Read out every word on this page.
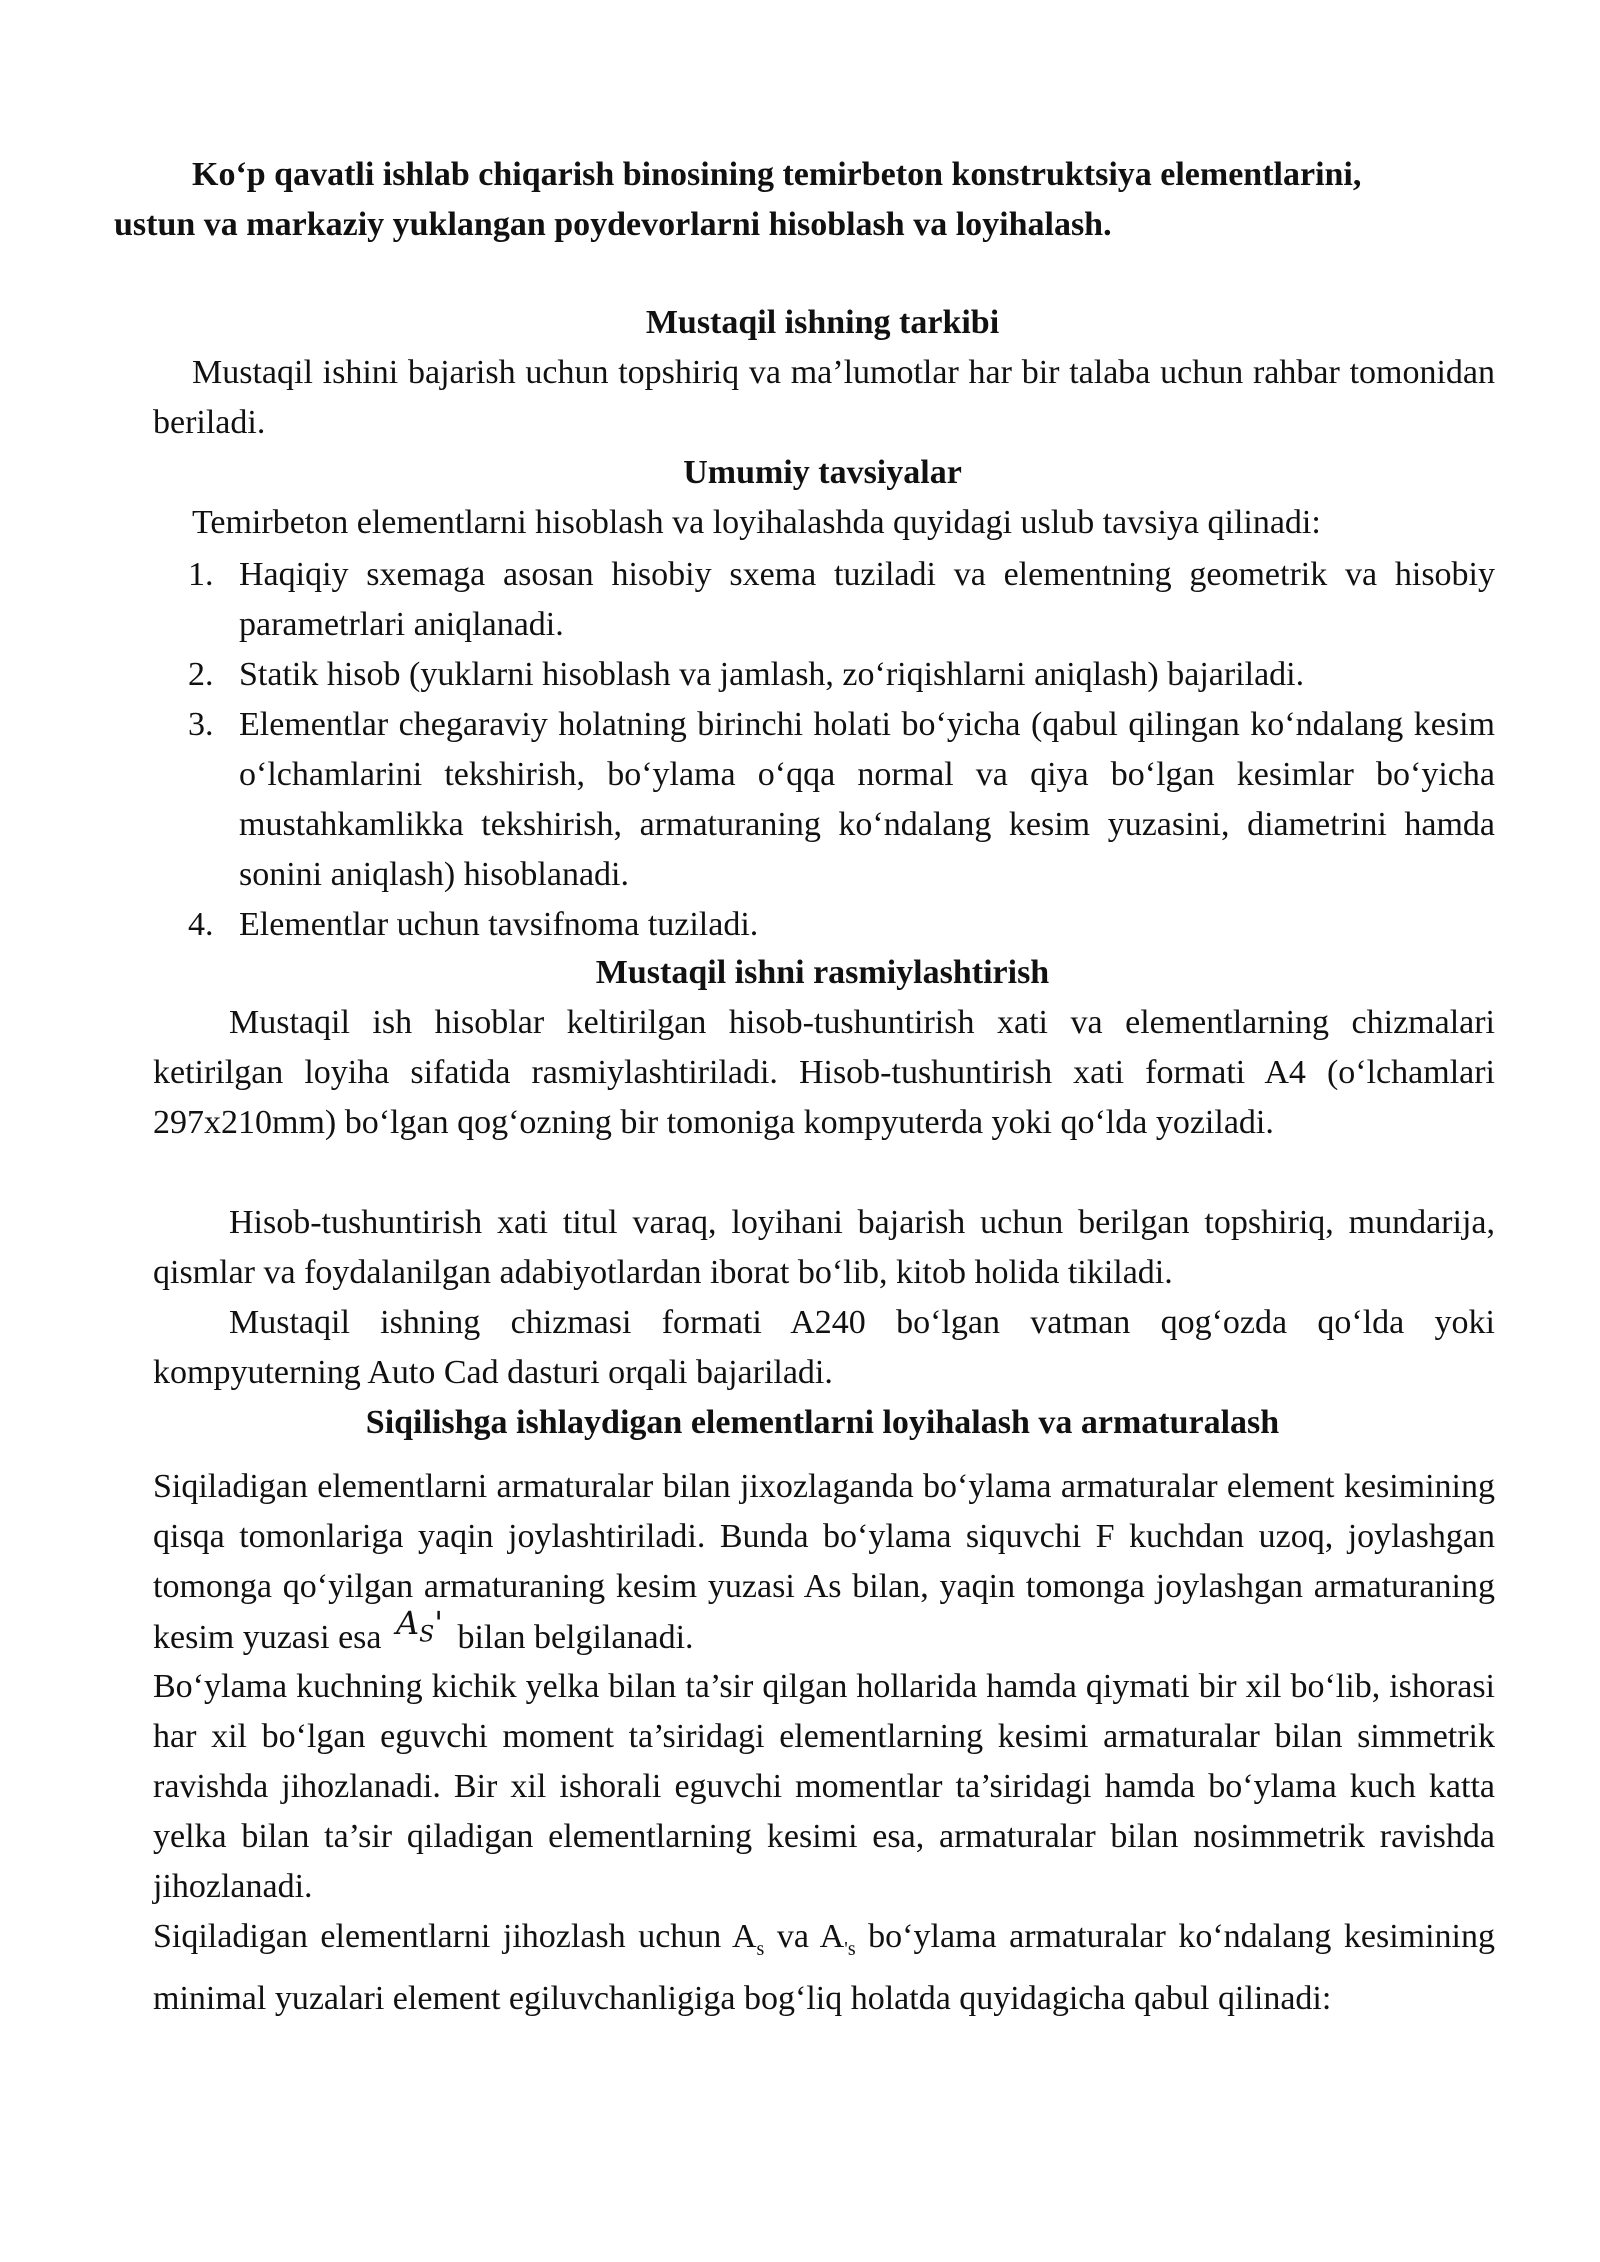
Ko‘p qavatli ishlab chiqarish binosining temirbeton konstruktsiya elementlarini,
ustun va markaziy yuklangan poydevorlarni hisoblash va loyihalash.
Mustaqil ishning tarkibi
Mustaqil ishini bajarish uchun topshiriq va ma’lumotlar har bir talaba uchun rahbar tomonidan beriladi.
Umumiy tavsiyalar
Temirbeton elementlarni hisoblash va loyihalashda quyidagi uslub tavsiya qilinadi:
1. Haqiqiy sxemaga asosan hisobiy sxema tuziladi va elementning geometrik va hisobiy parametrlari aniqlanadi.
2. Statik hisob (yuklarni hisoblash va jamlash, zo‘riqishlarni aniqlash) bajariladi.
3. Elementlar chegaraviy holatning birinchi holati bo‘yicha (qabul qilingan ko‘ndalang kesim o‘lchamlarini tekshirish, bo‘ylama o‘qqa normal va qiya bo‘lgan kesimlar bo‘yicha mustahkamlikka tekshirish, armaturaning ko‘ndalang kesim yuzasini, diametrini hamda sonini aniqlash) hisoblanadi.
4. Elementlar uchun tavsifnoma tuziladi.
Mustaqil ishni rasmiylashtirish
Mustaqil ish hisoblar keltirilgan hisob-tushuntirish xati va elementlarning chizmalari ketirilgan loyiha sifatida rasmiylashtiriladi. Hisob-tushuntirish xati formati A4 (o‘lchamlari 297x210mm) bo‘lgan qog‘ozning bir tomoniga kompyuterda yoki qo‘lda yoziladi.
Hisob-tushuntirish xati titul varaq, loyihani bajarish uchun berilgan topshiriq, mundarija, qismlar va foydalanilgan adabiyotlardan iborat bo‘lib, kitob holida tikiladi.
Mustaqil ishning chizmasi formati A240 bo‘lgan vatman qog‘ozda qo‘lda yoki kompyuterning Auto Cad dasturi orqali bajariladi.
Siqilishga ishlaydigan elementlarni loyihalash va armaturalash
Siqiladigan elementlarni armaturalar bilan jixozlaganda bo‘ylama armaturalar element kesimining qisqa tomonlariga yaqin joylashtiriladi. Bunda bo‘ylama siquvchi F kuchdan uzoq, joylashgan tomonga qo‘yilgan armaturaning kesim yuzasi As bilan, yaqin tomonga joylashgan armaturaning kesim yuzasi esa $A_S'$ bilan belgilanadi.
Bo‘ylama kuchning kichik yelka bilan ta’sir qilgan hollarida hamda qiymati bir xil bo‘lib, ishorasi har xil bo‘lgan eguvchi moment ta’siridagi elementlarning kesimi armaturalar bilan simmetrik ravishda jihozlanadi. Bir xil ishorali eguvchi momentlar ta’siridagi hamda bo‘ylama kuch katta yelka bilan ta’sir qiladigan elementlarning kesimi esa, armaturalar bilan nosimmetrik ravishda jihozlanadi.
Siqiladigan elementlarni jihozlash uchun $A_s$ va $A_{'s}$ bo‘ylama armaturalar ko‘ndalang kesimining minimal yuzalari element egiluvchanligiga bog‘liq holatda quyidagicha qabul qilinadi:
